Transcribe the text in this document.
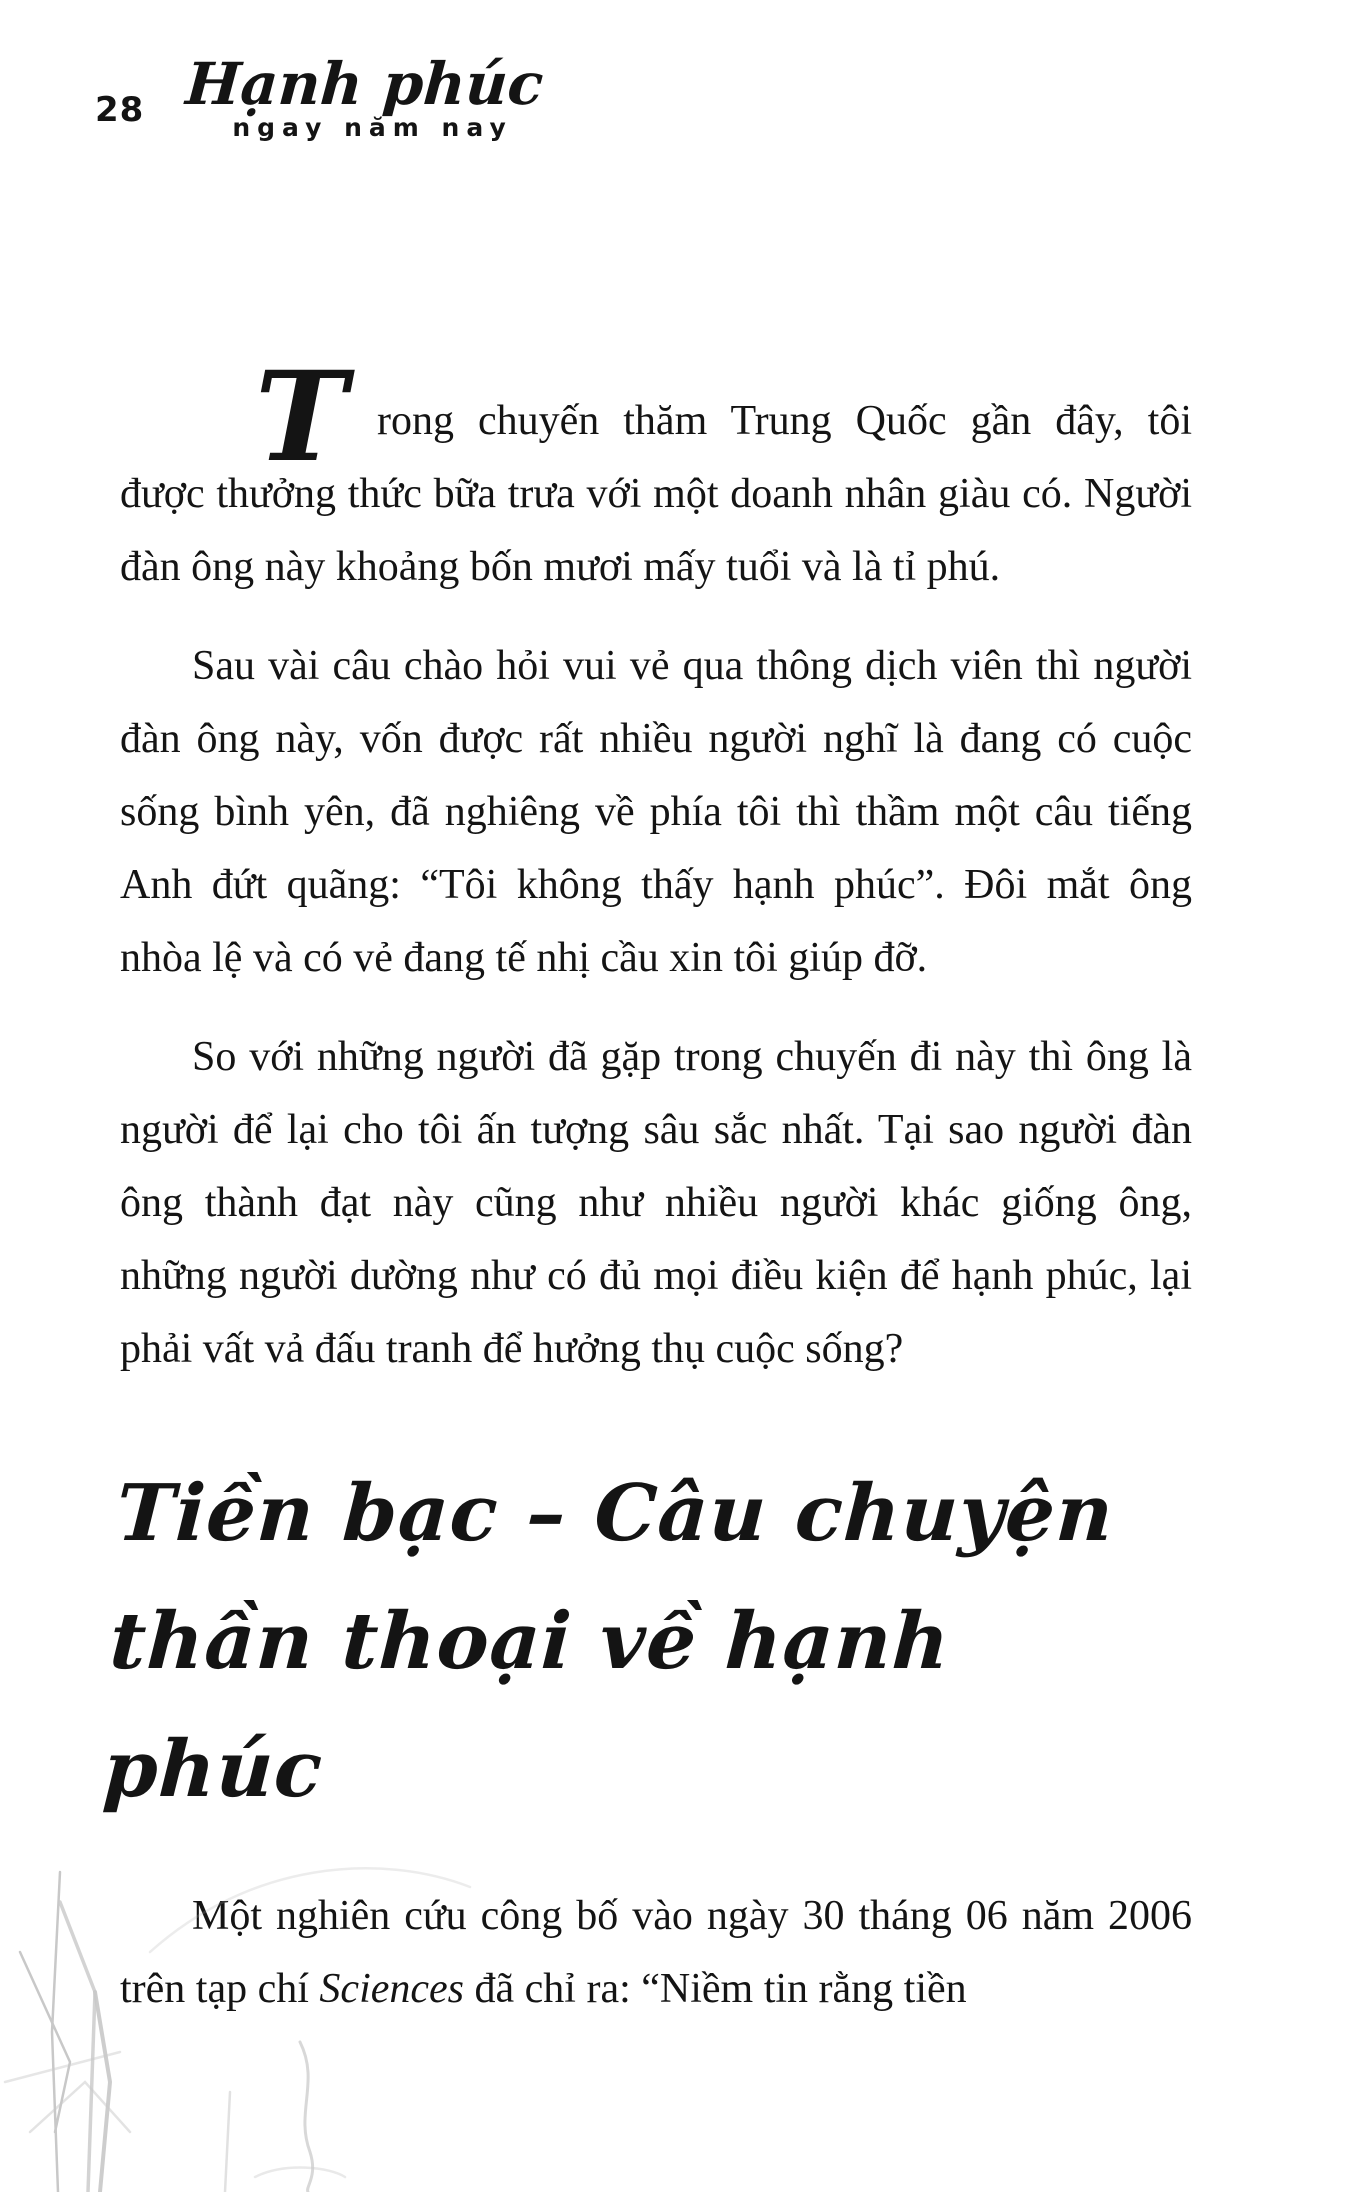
28 Hạnh phúc
ngay năm nay

Trong chuyến thăm Trung Quốc gần đây, tôi được thưởng thức bữa trưa với một doanh nhân giàu có. Người đàn ông này khoảng bốn mươi mấy tuổi và là tỉ phú.

Sau vài câu chào hỏi vui vẻ qua thông dịch viên thì người đàn ông này, vốn được rất nhiều người nghĩ là đang có cuộc sống bình yên, đã nghiêng về phía tôi thì thầm một câu tiếng Anh đứt quãng: “Tôi không thấy hạnh phúc”. Đôi mắt ông nhòa lệ và có vẻ đang tế nhị cầu xin tôi giúp đỡ.

So với những người đã gặp trong chuyến đi này thì ông là người để lại cho tôi ấn tượng sâu sắc nhất. Tại sao người đàn ông thành đạt này cũng như nhiều người khác giống ông, những người dường như có đủ mọi điều kiện để hạnh phúc, lại phải vất vả đấu tranh để hưởng thụ cuộc sống?

Tiền bạc – Câu chuyện thần thoại về hạnh phúc

Một nghiên cứu công bố vào ngày 30 tháng 06 năm 2006 trên tạp chí Sciences đã chỉ ra: “Niềm tin rằng tiền
